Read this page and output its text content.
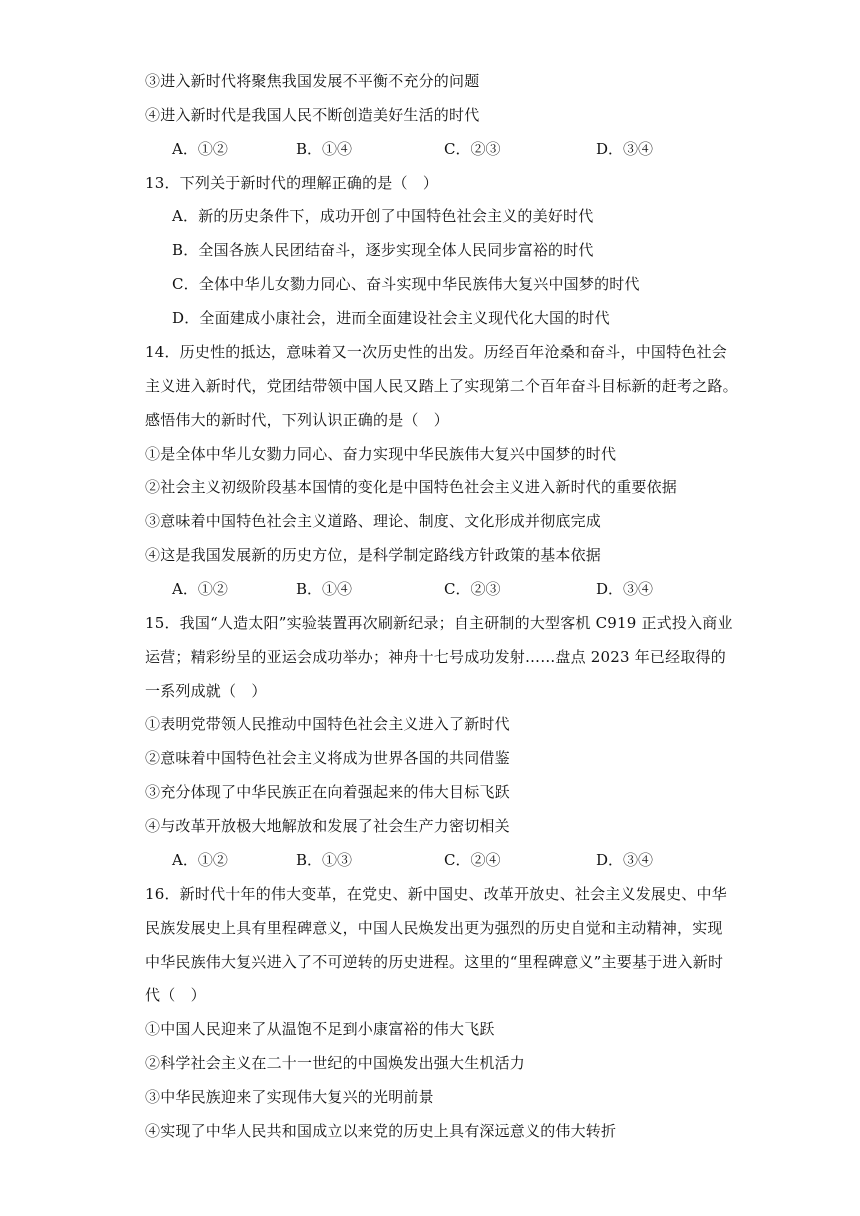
③进入新时代将聚焦我国发展不平衡不充分的问题
④进入新时代是我国人民不断创造美好生活的时代
A．①②	B．①④	C．②③	D．③④
13．下列关于新时代的理解正确的是（　）
A．新的历史条件下，成功开创了中国特色社会主义的美好时代
B．全国各族人民团结奋斗，逐步实现全体人民同步富裕的时代
C．全体中华儿女勠力同心、奋斗实现中华民族伟大复兴中国梦的时代
D．全面建成小康社会，进而全面建设社会主义现代化大国的时代
14．历史性的抵达，意味着又一次历史性的出发。历经百年沧桑和奋斗，中国特色社会
主义进入新时代，党团结带领中国人民又踏上了实现第二个百年奋斗目标新的赶考之路。
感悟伟大的新时代，下列认识正确的是（　）
①是全体中华儿女勠力同心、奋力实现中华民族伟大复兴中国梦的时代
②社会主义初级阶段基本国情的变化是中国特色社会主义进入新时代的重要依据
③意味着中国特色社会主义道路、理论、制度、文化形成并彻底完成
④这是我国发展新的历史方位，是科学制定路线方针政策的基本依据
A．①②	B．①④	C．②③	D．③④
15．我国“人造太阳”实验装置再次刷新纪录；自主研制的大型客机 C919 正式投入商业
运营；精彩纷呈的亚运会成功举办；神舟十七号成功发射……盘点 2023 年已经取得的
一系列成就（　）
①表明党带领人民推动中国特色社会主义进入了新时代
②意味着中国特色社会主义将成为世界各国的共同借鉴
③充分体现了中华民族正在向着强起来的伟大目标飞跃
④与改革开放极大地解放和发展了社会生产力密切相关
A．①②	B．①③	C．②④	D．③④
16．新时代十年的伟大变革，在党史、新中国史、改革开放史、社会主义发展史、中华
民族发展史上具有里程碑意义，中国人民焕发出更为强烈的历史自觉和主动精神，实现
中华民族伟大复兴进入了不可逆转的历史进程。这里的“里程碑意义”主要基于进入新时
代（　）
①中国人民迎来了从温饱不足到小康富裕的伟大飞跃
②科学社会主义在二十一世纪的中国焕发出强大生机活力
③中华民族迎来了实现伟大复兴的光明前景
④实现了中华人民共和国成立以来党的历史上具有深远意义的伟大转折
